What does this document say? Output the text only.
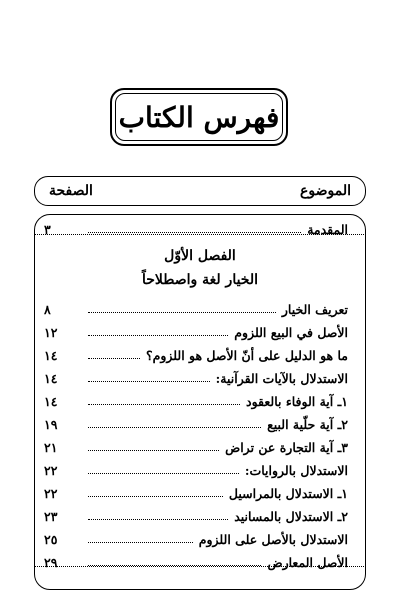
فهرس الكتاب
الموضوع
الصفحة
المقدمة
٣
الفصل الأوّل
الخيار لغة واصطلاحاً
تعريف الخيار
٨
الأصل في البيع اللزوم
١٢
ما هو الدليل على أنّ الأصل هو اللزوم؟
١٤
الاستدلال بالآيات القرآنية:
١٤
١ـ آية الوفاء بالعقود
١٤
٢ـ آية حلّية البيع
١٩
٣ـ آية التجارة عن تراض
٢١
الاستدلال بالروايات:
٢٢
١ـ الاستدلال بالمراسيل
٢٢
٢ـ الاستدلال بالمسانيد
٢٣
الاستدلال بالأصل على اللزوم
٢٥
الأصل المعارض
٢٩
